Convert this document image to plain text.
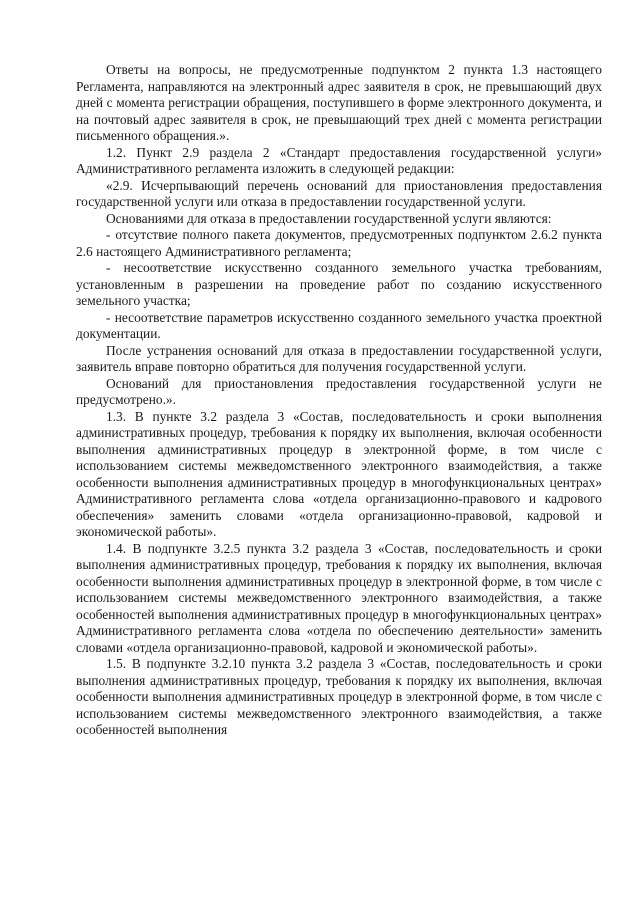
Ответы на вопросы, не предусмотренные подпунктом 2 пункта 1.3 настоящего Регламента, направляются на электронный адрес заявителя в срок, не превышающий двух дней с момента регистрации обращения, поступившего в форме электронного документа, и на почтовый адрес заявителя в срок, не превышающий трех дней с момента регистрации письменного обращения.».

1.2. Пункт 2.9 раздела 2 «Стандарт предоставления государственной услуги» Административного регламента изложить в следующей редакции:

«2.9. Исчерпывающий перечень оснований для приостановления предоставления государственной услуги или отказа в предоставлении государственной услуги.

Основаниями для отказа в предоставлении государственной услуги являются:

- отсутствие полного пакета документов, предусмотренных подпунктом 2.6.2 пункта 2.6 настоящего Административного регламента;

- несоответствие искусственно созданного земельного участка требованиям, установленным в разрешении на проведение работ по созданию искусственного земельного участка;

- несоответствие параметров искусственно созданного земельного участка проектной документации.

После устранения оснований для отказа в предоставлении государственной услуги, заявитель вправе повторно обратиться для получения государственной услуги.

Оснований для приостановления предоставления государственной услуги не предусмотрено.».

1.3. В пункте 3.2 раздела 3 «Состав, последовательность и сроки выполнения административных процедур, требования к порядку их выполнения, включая особенности выполнения административных процедур в электронной форме, в том числе с использованием системы межведомственного электронного взаимодействия, а также особенности выполнения административных процедур в многофункциональных центрах» Административного регламента слова «отдела организационно-правового и кадрового обеспечения» заменить словами «отдела организационно-правовой, кадровой и экономической работы».

1.4. В подпункте 3.2.5 пункта 3.2 раздела 3 «Состав, последовательность и сроки выполнения административных процедур, требования к порядку их выполнения, включая особенности выполнения административных процедур в электронной форме, в том числе с использованием системы межведомственного электронного взаимодействия, а также особенностей выполнения административных процедур в многофункциональных центрах» Административного регламента слова «отдела по обеспечению деятельности» заменить словами «отдела организационно-правовой, кадровой и экономической работы».

1.5. В подпункте 3.2.10 пункта 3.2 раздела 3 «Состав, последовательность и сроки выполнения административных процедур, требования к порядку их выполнения, включая особенности выполнения административных процедур в электронной форме, в том числе с использованием системы межведомственного электронного взаимодействия, а также особенностей выполнения
